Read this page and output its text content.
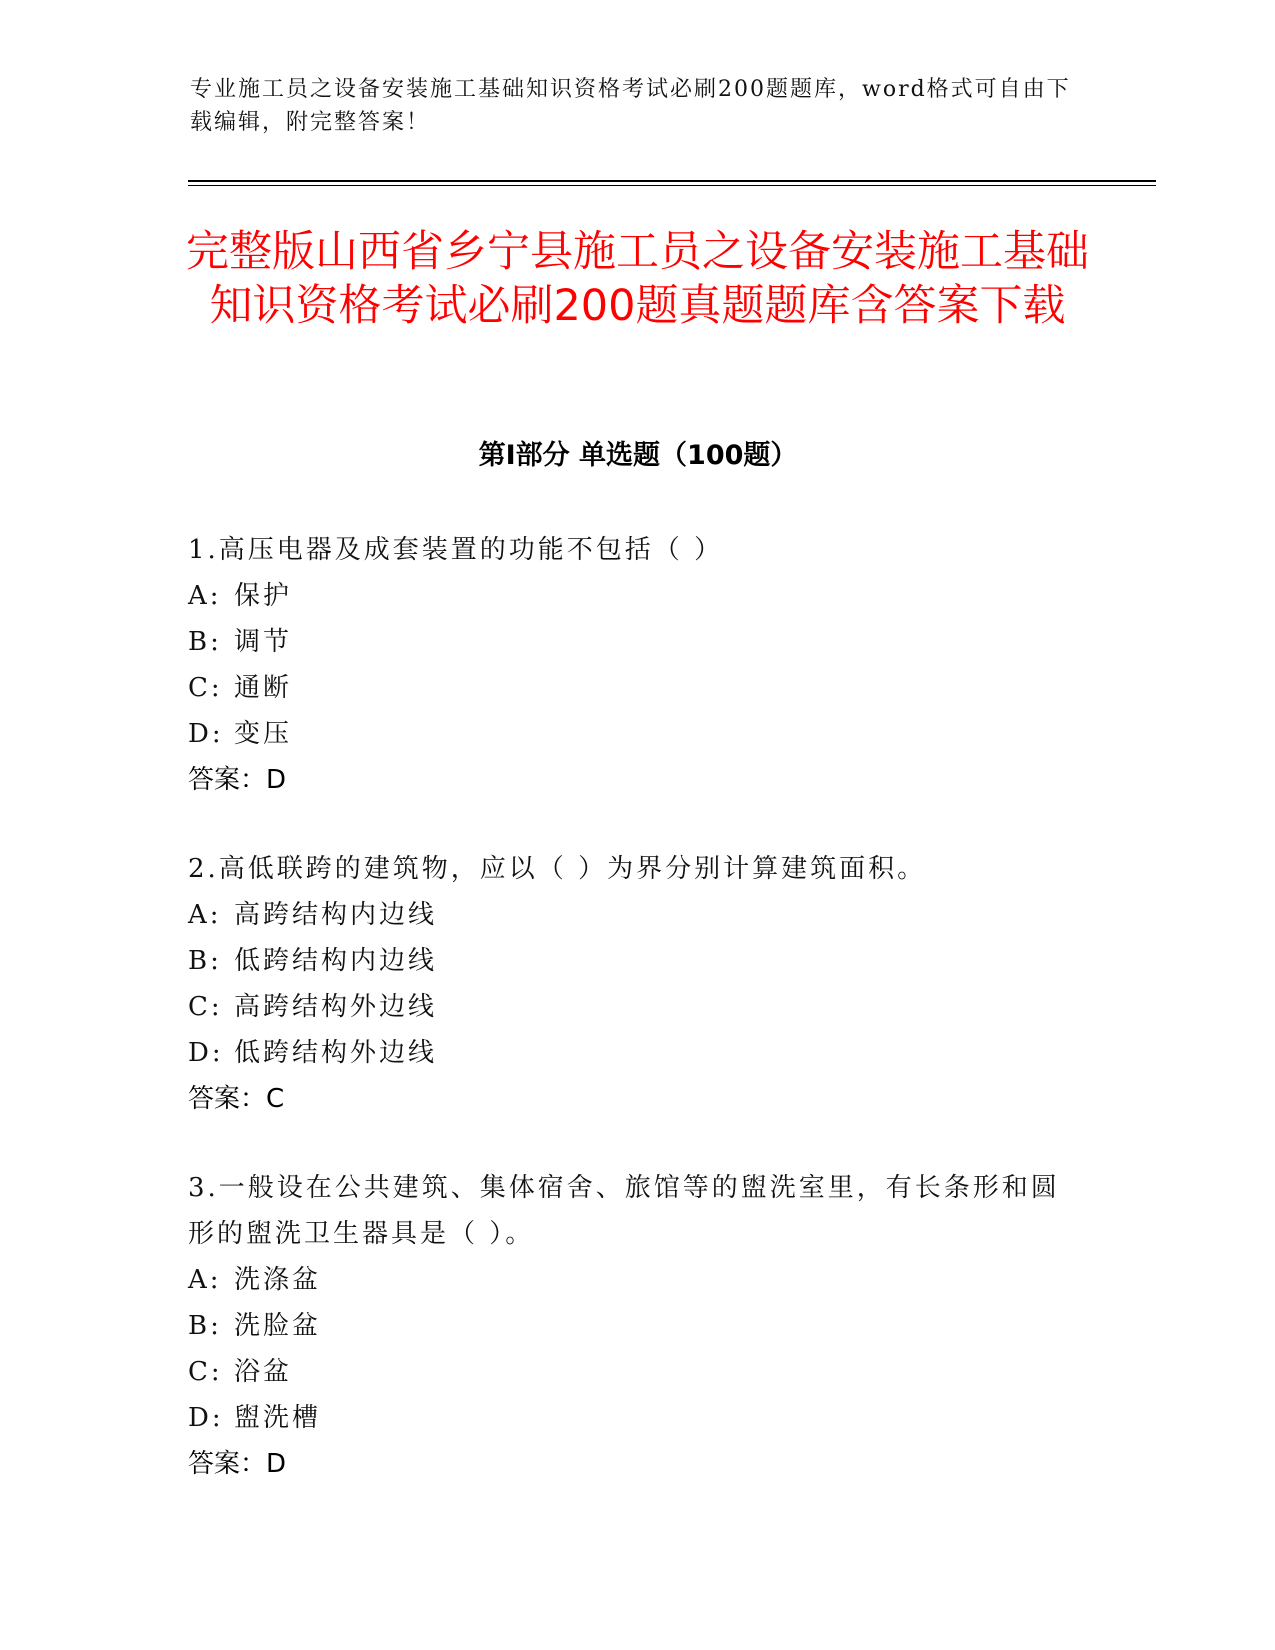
专业施工员之设备安装施工基础知识资格考试必刷200题题库，word格式可自由下载编辑，附完整答案！
完整版山西省乡宁县施工员之设备安装施工基础知识资格考试必刷200题真题题库含答案下载
第Ⅰ部分 单选题（100题）
1.高压电器及成套装置的功能不包括（ ）
A: 保护
B: 调节
C: 通断
D: 变压
答案：D
2.高低联跨的建筑物，应以（ ）为界分别计算建筑面积。
A: 高跨结构内边线
B: 低跨结构内边线
C: 高跨结构外边线
D: 低跨结构外边线
答案：C
3.一般设在公共建筑、集体宿舍、旅馆等的盥洗室里，有长条形和圆形的盥洗卫生器具是（ ）。
A: 洗涤盆
B: 洗脸盆
C: 浴盆
D: 盥洗槽
答案：D
